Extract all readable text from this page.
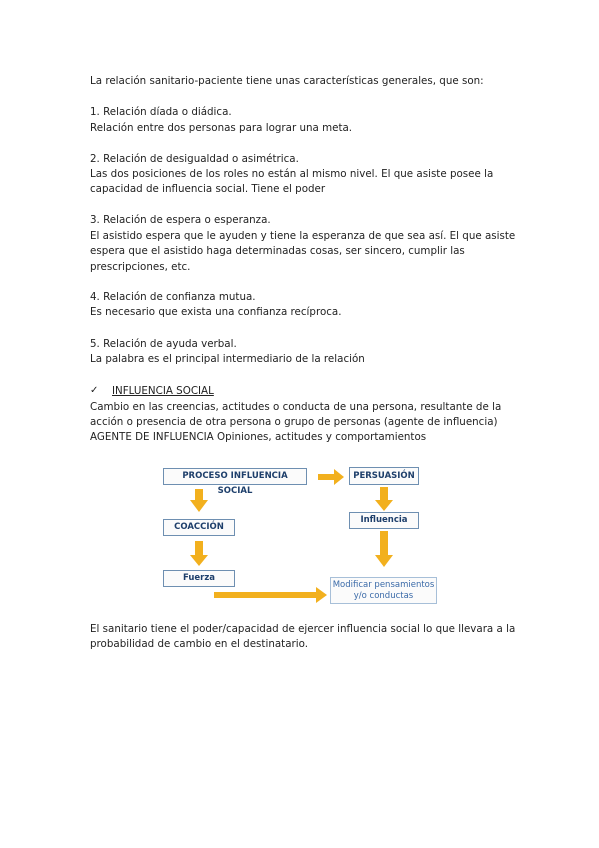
La relación sanitario-paciente tiene unas características generales, que son:
1. Relación díada o diádica.
Relación entre dos personas para lograr una meta.
2. Relación de desigualdad o asimétrica.
Las dos posiciones de los roles no están al mismo nivel. El que asiste posee la
capacidad de influencia social. Tiene el poder
3. Relación de espera o esperanza.
El asistido espera que le ayuden y tiene la esperanza de que sea así. El que asiste
espera que el asistido haga determinadas cosas, ser sincero, cumplir las
prescripciones, etc.
4. Relación de confianza mutua.
Es necesario que exista una confianza recíproca.
5. Relación de ayuda verbal.
La palabra es el principal intermediario de la relación
✓ INFLUENCIA SOCIAL
Cambio en las creencias, actitudes o conducta de una persona, resultante de la
acción o presencia de otra persona o grupo de personas (agente de influencia)
AGENTE DE INFLUENCIA Opiniones, actitudes y comportamientos
PROCESO INFLUENCIA SOCIAL
PERSUASIÓN
COACCIÓN
Influencia
Fuerza
Modificar pensamientos
y/o conductas
El sanitario tiene el poder/capacidad de ejercer influencia social lo que llevara a la
probabilidad de cambio en el destinatario.
